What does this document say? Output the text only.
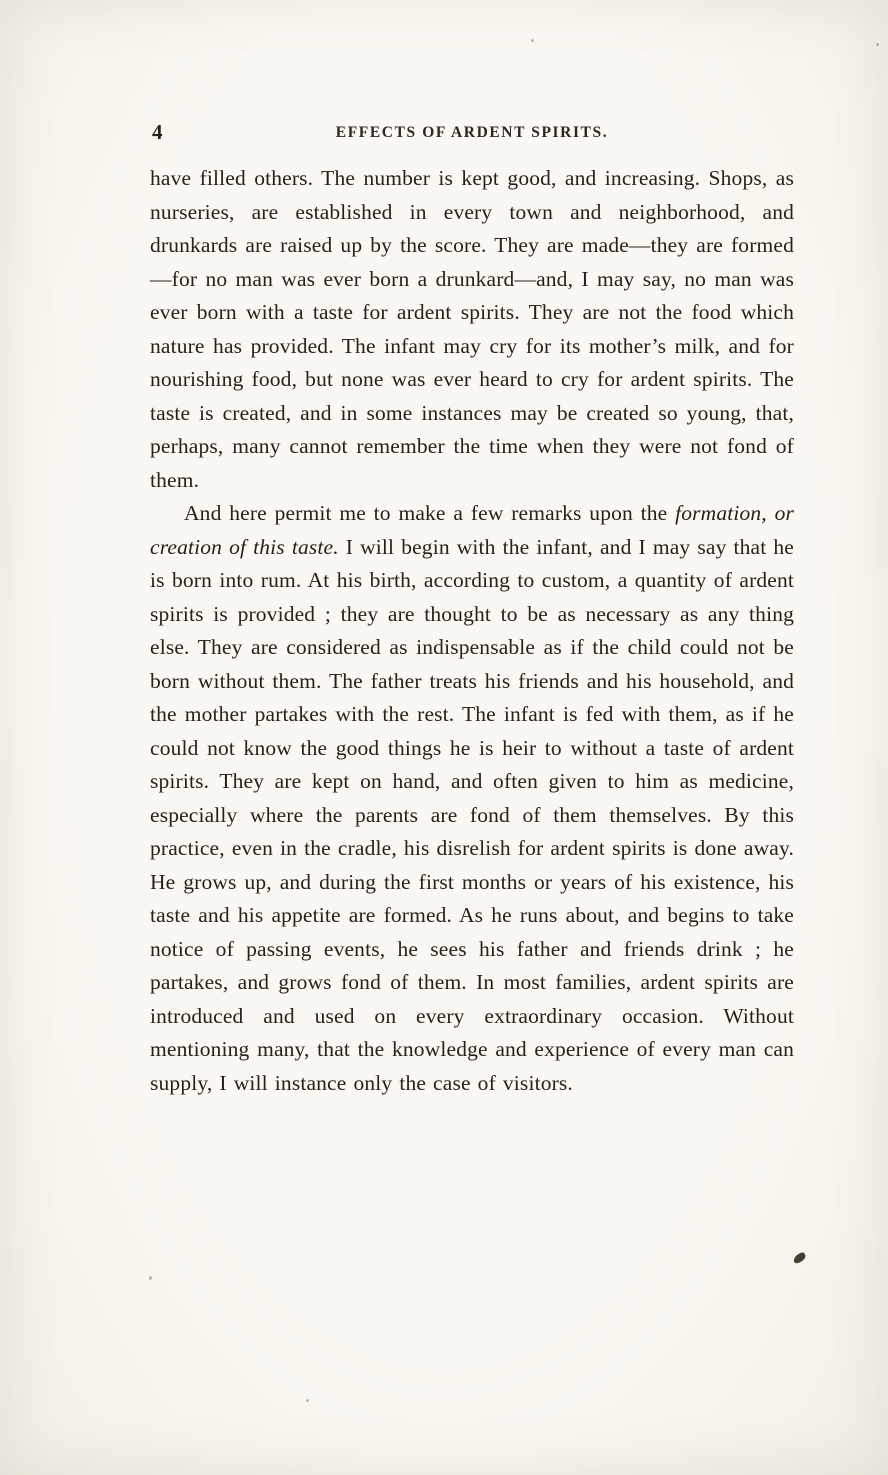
4	EFFECTS OF ARDENT SPIRITS.

have filled others. The number is kept good, and increasing. Shops, as nurseries, are established in every town and neighborhood, and drunkards are raised up by the score. They are made—they are formed—for no man was ever born a drunkard—and, I may say, no man was ever born with a taste for ardent spirits. They are not the food which nature has provided. The infant may cry for its mother’s milk, and for nourishing food, but none was ever heard to cry for ardent spirits. The taste is created, and in some instances may be created so young, that, perhaps, many cannot remember the time when they were not fond of them.

And here permit me to make a few remarks upon the formation, or creation of this taste. I will begin with the infant, and I may say that he is born into rum. At his birth, according to custom, a quantity of ardent spirits is provided ; they are thought to be as necessary as any thing else. They are considered as indispensable as if the child could not be born without them. The father treats his friends and his household, and the mother partakes with the rest. The infant is fed with them, as if he could not know the good things he is heir to without a taste of ardent spirits. They are kept on hand, and often given to him as medicine, especially where the parents are fond of them themselves. By this practice, even in the cradle, his disrelish for ardent spirits is done away. He grows up, and during the first months or years of his existence, his taste and his appetite are formed. As he runs about, and begins to take notice of passing events, he sees his father and friends drink ; he partakes, and grows fond of them. In most families, ardent spirits are introduced and used on every extraordinary occasion. Without mentioning many, that the knowledge and experience of every man can supply, I will instance only the case of visitors.
